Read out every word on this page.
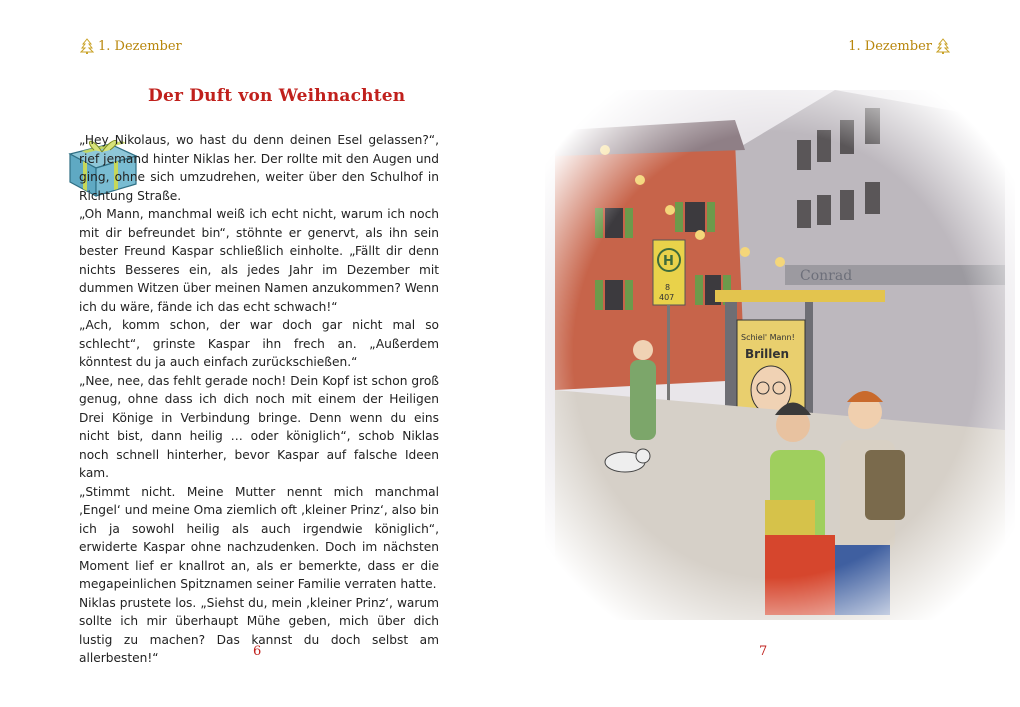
1. Dezember
Der Duft von Weihnachten

„Hey Nikolaus, wo hast du denn deinen Esel gelassen?“, rief jemand hinter Niklas her. Der rollte mit den Augen und ging, ohne sich umzudrehen, weiter über den Schulhof in Richtung Straße.

„Oh Mann, manchmal weiß ich echt nicht, warum ich noch mit dir befreundet bin“, stöhnte er genervt, als ihn sein bester Freund Kaspar schließlich einholte. „Fällt dir denn nichts Besseres ein, als jedes Jahr im Dezember mit dummen Witzen über meinen Namen anzukommen? Wenn ich du wäre, fände ich das echt schwach!“

„Ach, komm schon, der war doch gar nicht mal so schlecht“, grinste Kaspar ihn frech an. „Außerdem könntest du ja auch einfach zurückschießen.“

„Nee, nee, das fehlt gerade noch! Dein Kopf ist schon groß genug, ohne dass ich dich noch mit einem der Heiligen Drei Könige in Verbindung bringe. Denn wenn du eins nicht bist, dann heilig … oder königlich“, schob Niklas noch schnell hinterher, bevor Kaspar auf falsche Ideen kam.

„Stimmt nicht. Meine Mutter nennt mich manchmal ‚Engel‘ und meine Oma ziemlich oft ‚kleiner Prinz‘, also bin ich ja sowohl heilig als auch irgendwie königlich“, erwiderte Kaspar ohne nachzudenken. Doch im nächsten Moment lief er knallrot an, als er bemerkte, dass er die megapeinlichen Spitznamen seiner Familie verraten hatte.

Niklas prustete los. „Siehst du, mein ‚kleiner Prinz‘, warum sollte ich mir überhaupt Mühe geben, mich über dich lustig zu machen? Das kannst du doch selbst am allerbesten!“	6
1. Dezember
7
